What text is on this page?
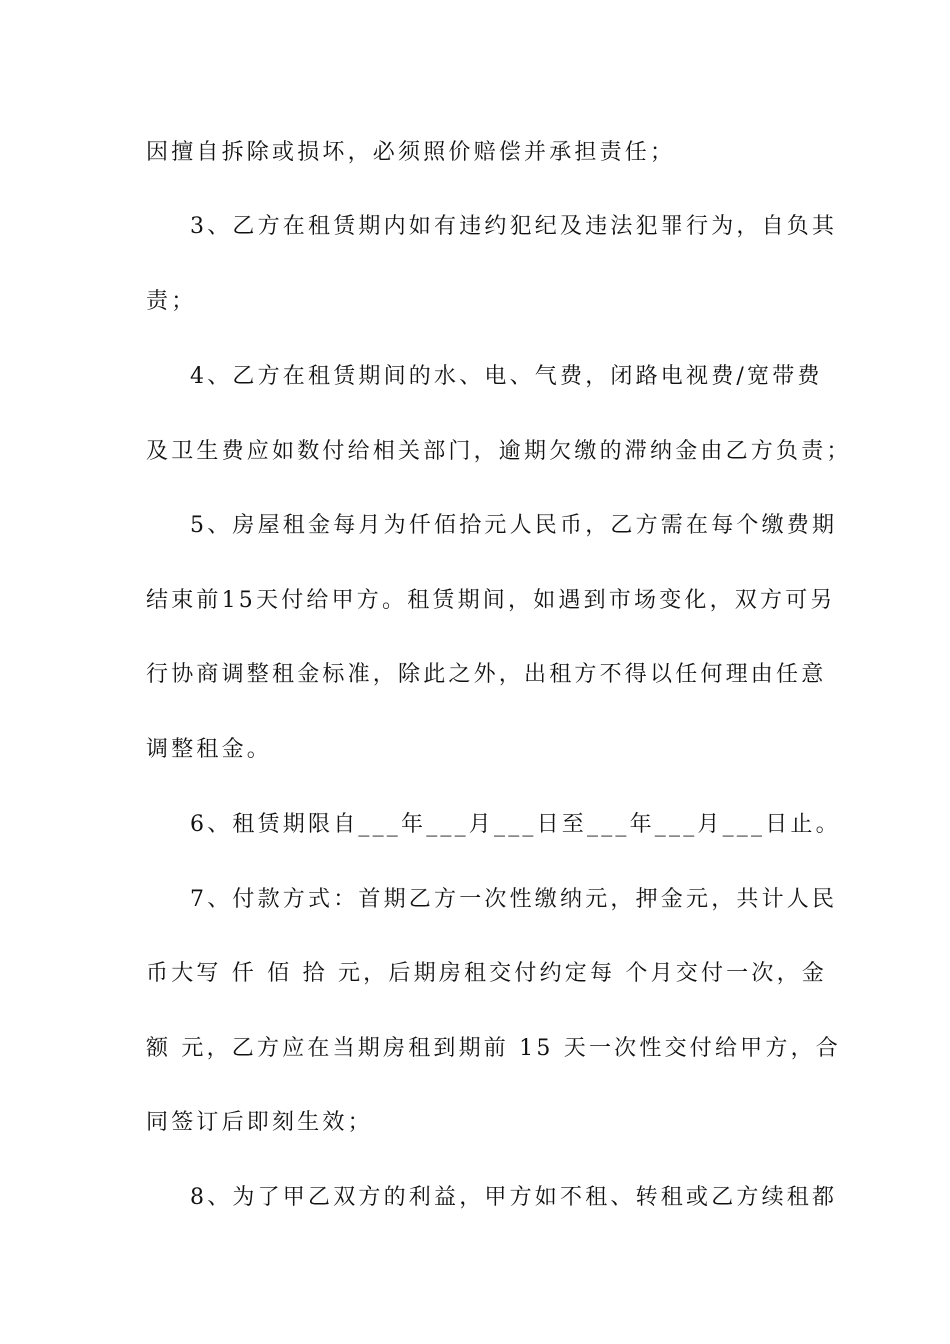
因擅自拆除或损坏，必须照价赔偿并承担责任；
3、乙方在租赁期内如有违约犯纪及违法犯罪行为，自负其
责；
4、乙方在租赁期间的水、电、气费，闭路电视费/宽带费
及卫生费应如数付给相关部门，逾期欠缴的滞纳金由乙方负责；
5、房屋租金每月为仟佰拾元人民币，乙方需在每个缴费期
结束前15天付给甲方。租赁期间，如遇到市场变化，双方可另
行协商调整租金标准，除此之外，出租方不得以任何理由任意
调整租金。
6、租赁期限自___年___月___日至___年___月___日止。
7、付款方式：首期乙方一次性缴纳元，押金元，共计人民
币大写 仟 佰 拾 元，后期房租交付约定每 个月交付一次，金
额 元，乙方应在当期房租到期前 15 天一次性交付给甲方，合
同签订后即刻生效；
8、为了甲乙双方的利益，甲方如不租、转租或乙方续租都
